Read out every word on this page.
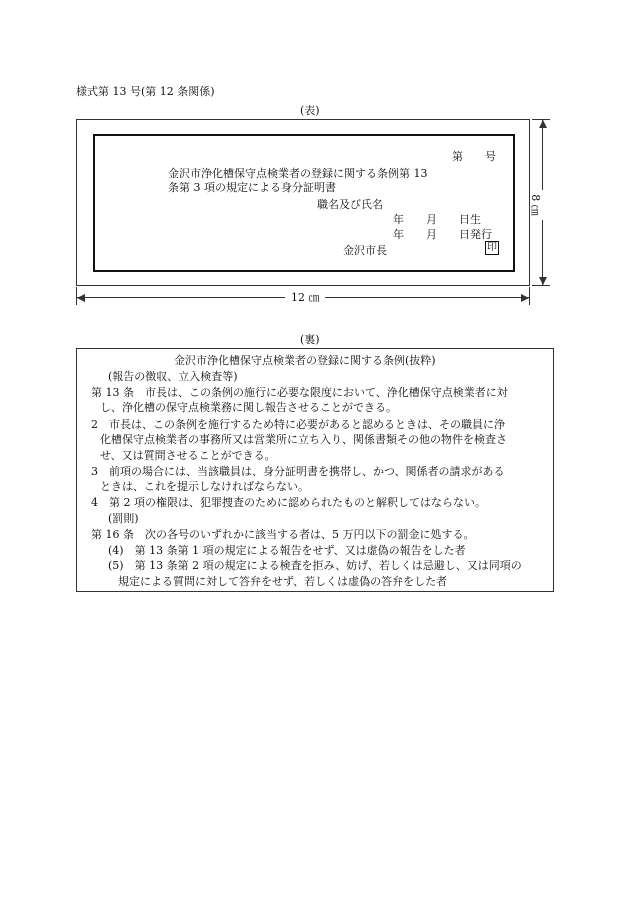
様式第 13 号(第 12 条関係)
(表)
第　　号
金沢市浄化槽保守点検業者の登録に関する条例第 13
条第 3 項の規定による身分証明書
職名及び氏名
年　　月　　日生
年　　月　　日発行
金沢市長	印
12 ㎝
8 ㎝
(裏)
金沢市浄化槽保守点検業者の登録に関する条例(抜粋)
(報告の徴収、立入検査等)
第 13 条　市長は、この条例の施行に必要な限度において、浄化槽保守点検業者に対
し、浄化槽の保守点検業務に関し報告させることができる。
2　市長は、この条例を施行するため特に必要があると認めるときは、その職員に浄
化槽保守点検業者の事務所又は営業所に立ち入り、関係書類その他の物件を検査さ
せ、又は質問させることができる。
3　前項の場合には、当該職員は、身分証明書を携帯し、かつ、関係者の請求がある
ときは、これを提示しなければならない。
4　第 2 項の権限は、犯罪捜査のために認められたものと解釈してはならない。
(罰則)
第 16 条　次の各号のいずれかに該当する者は、5 万円以下の罰金に処する。
(4)　第 13 条第 1 項の規定による報告をせず、又は虚偽の報告をした者
(5)　第 13 条第 2 項の規定による検査を拒み、妨げ、若しくは忌避し、又は同項の
規定による質問に対して答弁をせず、若しくは虚偽の答弁をした者
